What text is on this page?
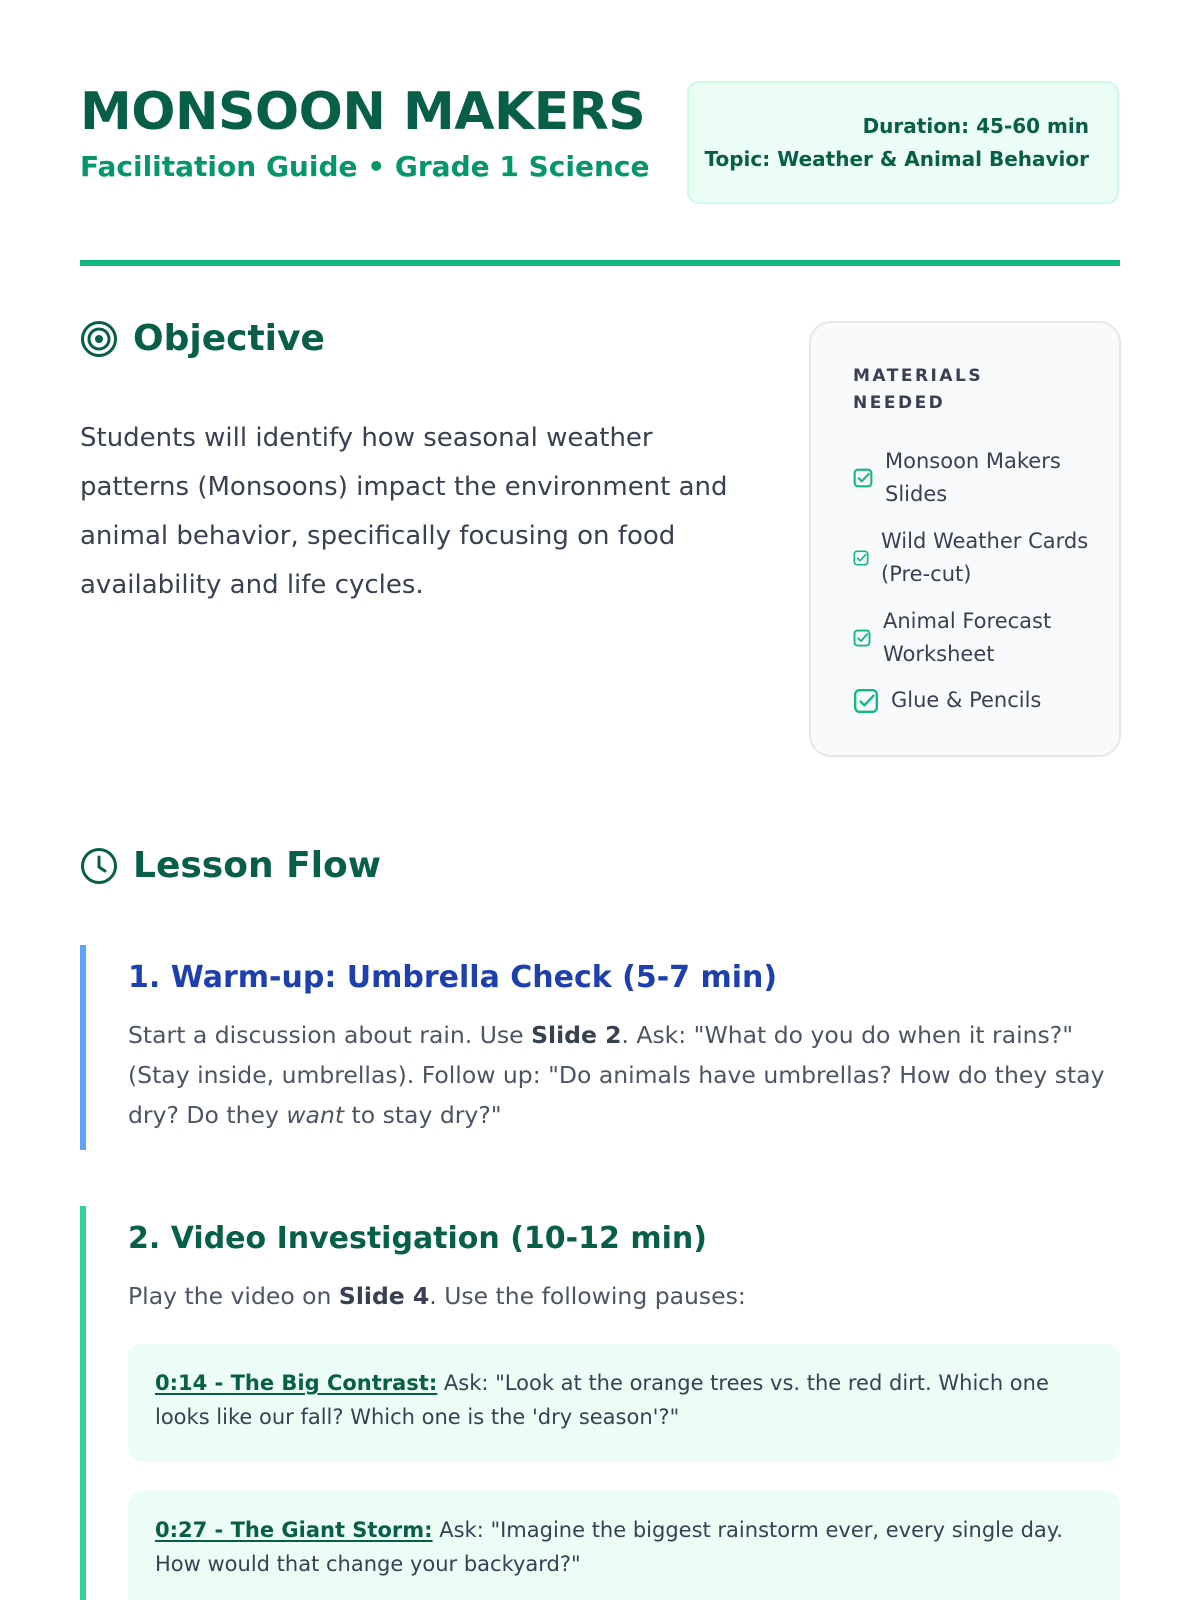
MONSOON MAKERS
Facilitation Guide • Grade 1 Science
Duration: 45-60 min
Topic: Weather & Animal Behavior
Objective

Students will identify how seasonal weather patterns (Monsoons) impact the environment and animal behavior, specifically focusing on food availability and life cycles.

MATERIALS NEEDED
Monsoon Makers Slides
Wild Weather Cards (Pre-cut)
Animal Forecast Worksheet
Glue & Pencils
Lesson Flow
1. Warm-up: Umbrella Check (5-7 min)

Start a discussion about rain. Use Slide 2. Ask: "What do you do when it rains?" (Stay inside, umbrellas). Follow up: "Do animals have umbrellas? How do they stay dry? Do they want to stay dry?"

2. Video Investigation (10-12 min)

Play the video on Slide 4. Use the following pauses:

0:14 - The Big Contrast: Ask: "Look at the orange trees vs. the red dirt. Which one looks like our fall? Which one is the 'dry season'?"

0:27 - The Giant Storm: Ask: "Imagine the biggest rainstorm ever, every single day. How would that change your backyard?"
